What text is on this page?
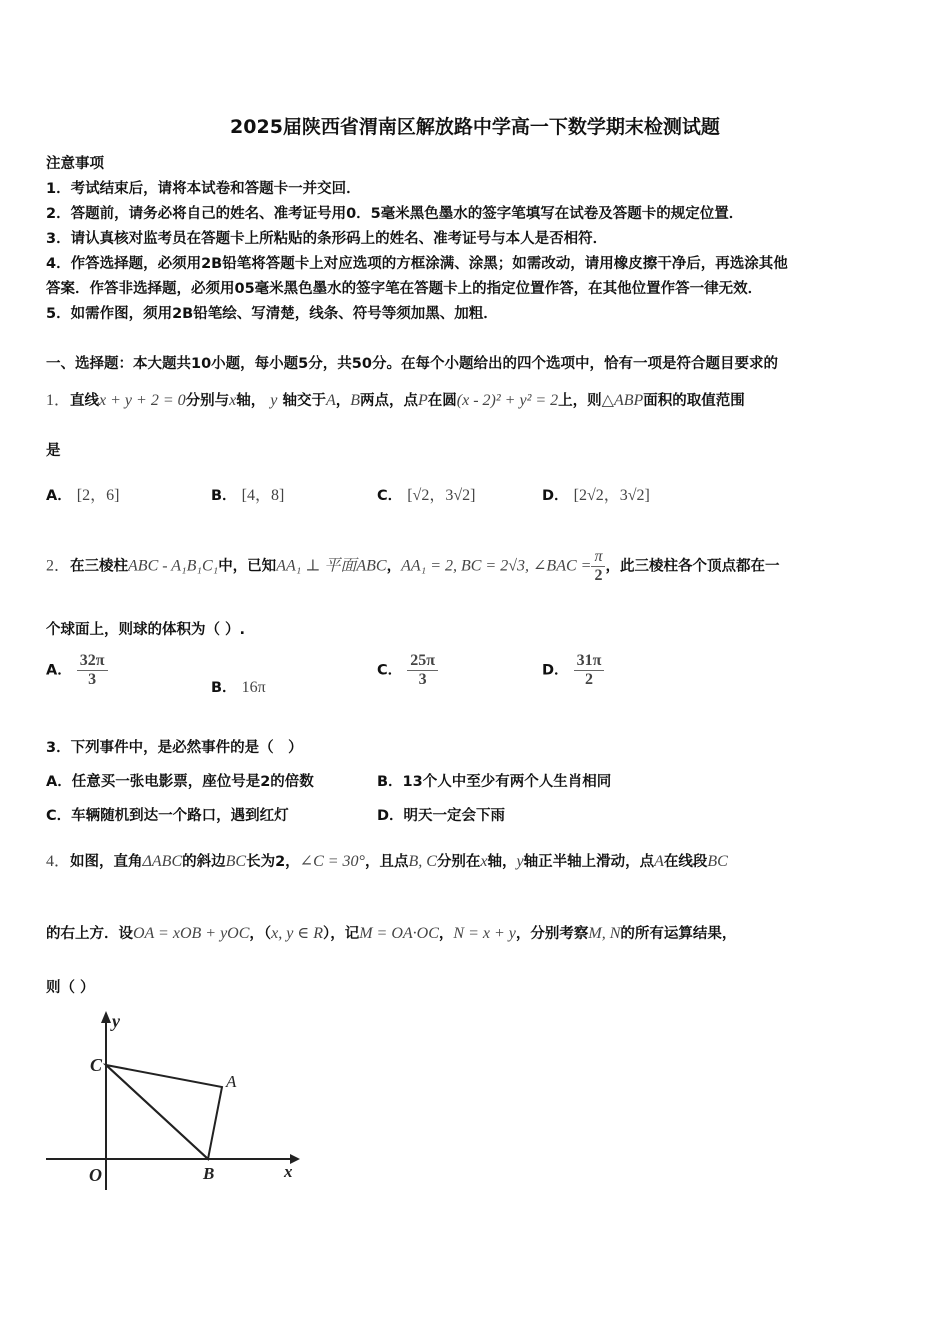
2025届陕西省渭南区解放路中学高一下数学期末检测试题
注意事项
1．考试结束后，请将本试卷和答题卡一并交回．
2．答题前，请务必将自己的姓名、准考证号用0．5毫米黑色墨水的签字笔填写在试卷及答题卡的规定位置．
3．请认真核对监考员在答题卡上所粘贴的条形码上的姓名、准考证号与本人是否相符．
4．作答选择题，必须用2B铅笔将答题卡上对应选项的方框涂满、涂黑；如需改动，请用橡皮擦干净后，再选涂其他
答案．作答非选择题，必须用05毫米黑色墨水的签字笔在答题卡上的指定位置作答，在其他位置作答一律无效．
5．如需作图，须用2B铅笔绘、写清楚，线条、符号等须加黑、加粗．
一、选择题：本大题共10小题，每小题5分，共50分。在每个小题给出的四个选项中，恰有一项是符合题目要求的
1．直线x + y + 2 = 0分别与x轴， y 轴交于A，B两点，点P在圆(x - 2)² + y² = 2上，则△ABP面积的取值范围
是
A． [2，6]	B． [4，8]	C． [√2，3√2]	D． [2√2，3√2]
2．在三棱柱ABC - A₁B₁C₁中，已知AA₁ ⊥ 平面ABC，AA₁ = 2, BC = 2√3, ∠BAC = $\frac{\pi}{2}$ ，此三棱柱各个顶点都在一
个球面上，则球的体积为（ ）.
A． $\frac{32\pi}{3}$	B． 16π
C． $\frac{25\pi}{3}$	D． $\frac{31\pi}{2}$
3．下列事件中，是必然事件的是（　）
A．任意买一张电影票，座位号是2的倍数	B．13个人中至少有两个人生肖相同
C．车辆随机到达一个路口，遇到红灯	D．明天一定会下雨
4．如图，直角ΔABC的斜边BC长为2，∠C = 30°，且点B, C分别在x轴，y轴正半轴上滑动，点A在线段BC
的右上方．设OA = xOB + yOC，（x, y ∈ R），记M = OA·OC，N = x + y，分别考察M, N的所有运算结果，
则（ ）
y
x
C
A
O	B
